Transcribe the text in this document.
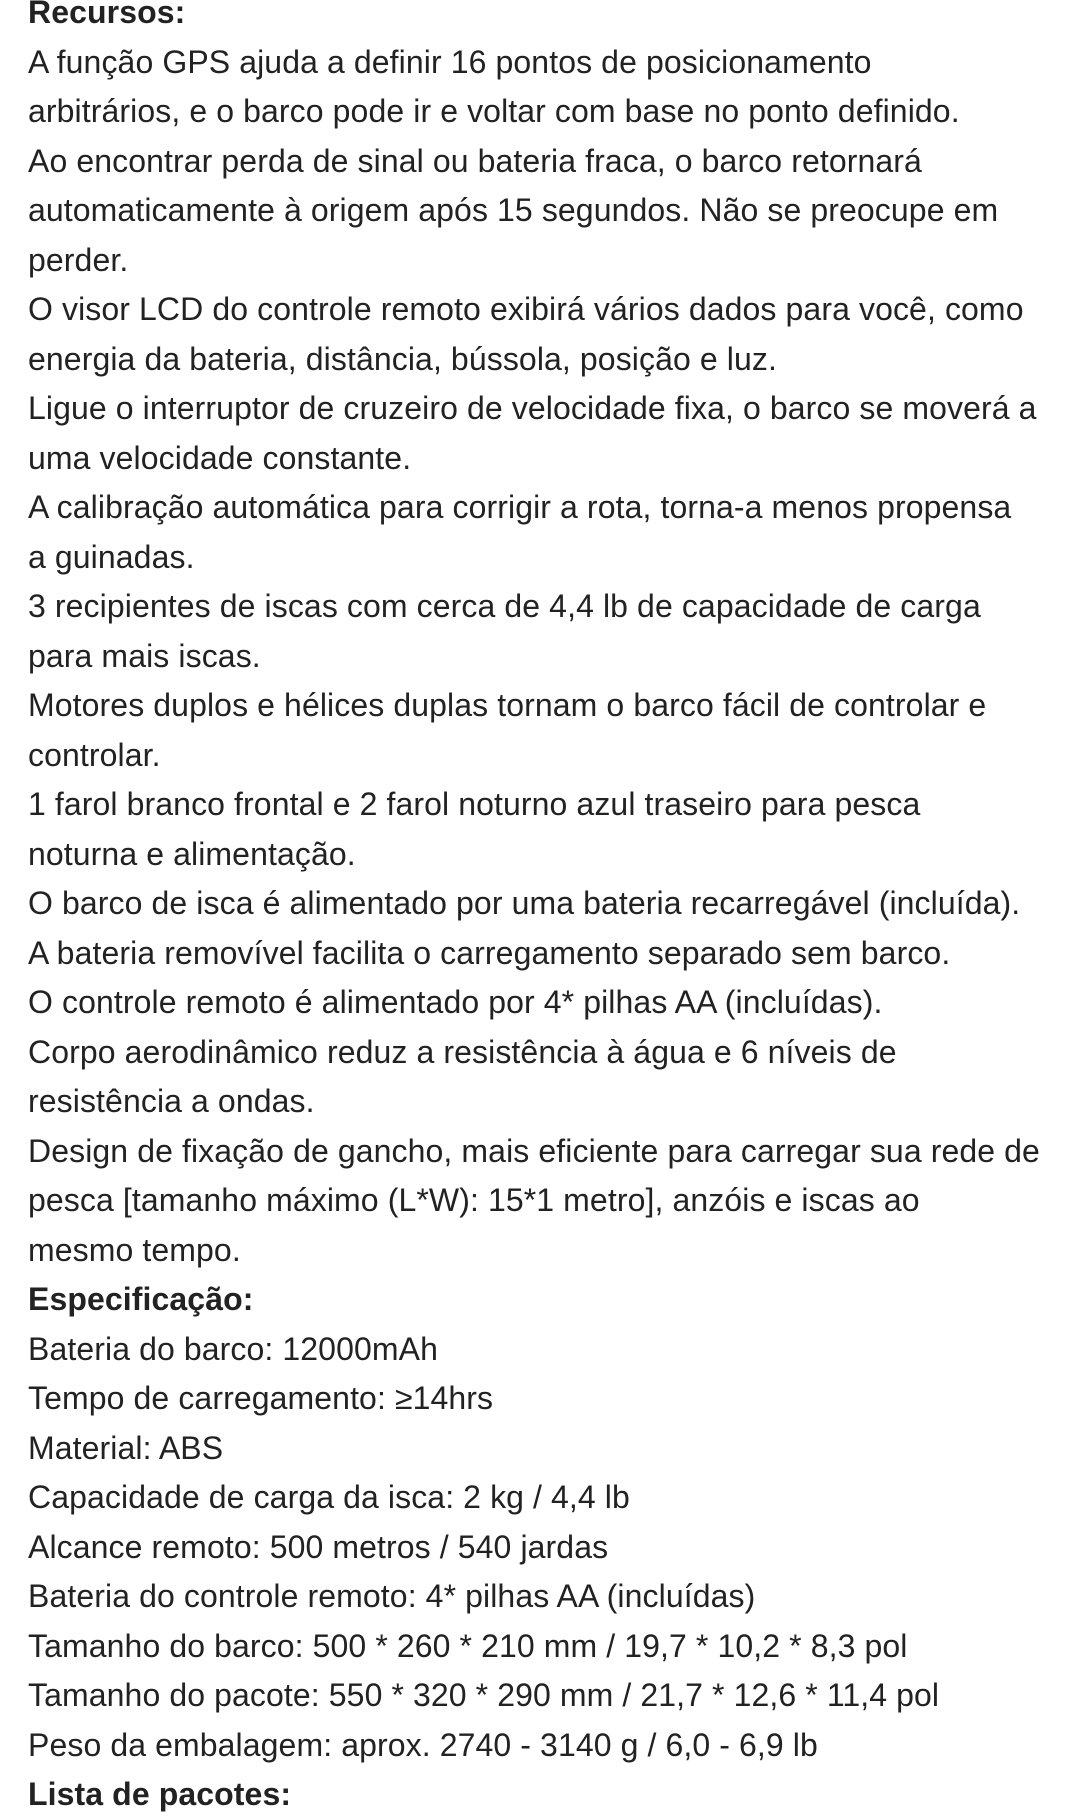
Recursos:
A função GPS ajuda a definir 16 pontos de posicionamento
arbitrários, e o barco pode ir e voltar com base no ponto definido.
Ao encontrar perda de sinal ou bateria fraca, o barco retornará
automaticamente à origem após 15 segundos. Não se preocupe em
perder.
O visor LCD do controle remoto exibirá vários dados para você, como
energia da bateria, distância, bússola, posição e luz.
Ligue o interruptor de cruzeiro de velocidade fixa, o barco se moverá a
uma velocidade constante.
A calibração automática para corrigir a rota, torna-a menos propensa
a guinadas.
3 recipientes de iscas com cerca de 4,4 lb de capacidade de carga
para mais iscas.
Motores duplos e hélices duplas tornam o barco fácil de controlar e
controlar.
1 farol branco frontal e 2 farol noturno azul traseiro para pesca
noturna e alimentação.
O barco de isca é alimentado por uma bateria recarregável (incluída).
A bateria removível facilita o carregamento separado sem barco.
O controle remoto é alimentado por 4* pilhas AA (incluídas).
Corpo aerodinâmico reduz a resistência à água e 6 níveis de
resistência a ondas.
Design de fixação de gancho, mais eficiente para carregar sua rede de
pesca [tamanho máximo (L*W): 15*1 metro], anzóis e iscas ao
mesmo tempo.
Especificação:
Bateria do barco: 12000mAh
Tempo de carregamento: ≥14hrs
Material: ABS
Capacidade de carga da isca: 2 kg / 4,4 lb
Alcance remoto: 500 metros / 540 jardas
Bateria do controle remoto: 4* pilhas AA (incluídas)
Tamanho do barco: 500 * 260 * 210 mm / 19,7 * 10,2 * 8,3 pol
Tamanho do pacote: 550 * 320 * 290 mm / 21,7 * 12,6 * 11,4 pol
Peso da embalagem: aprox. 2740 - 3140 g / 6,0 - 6,9 lb
Lista de pacotes:
